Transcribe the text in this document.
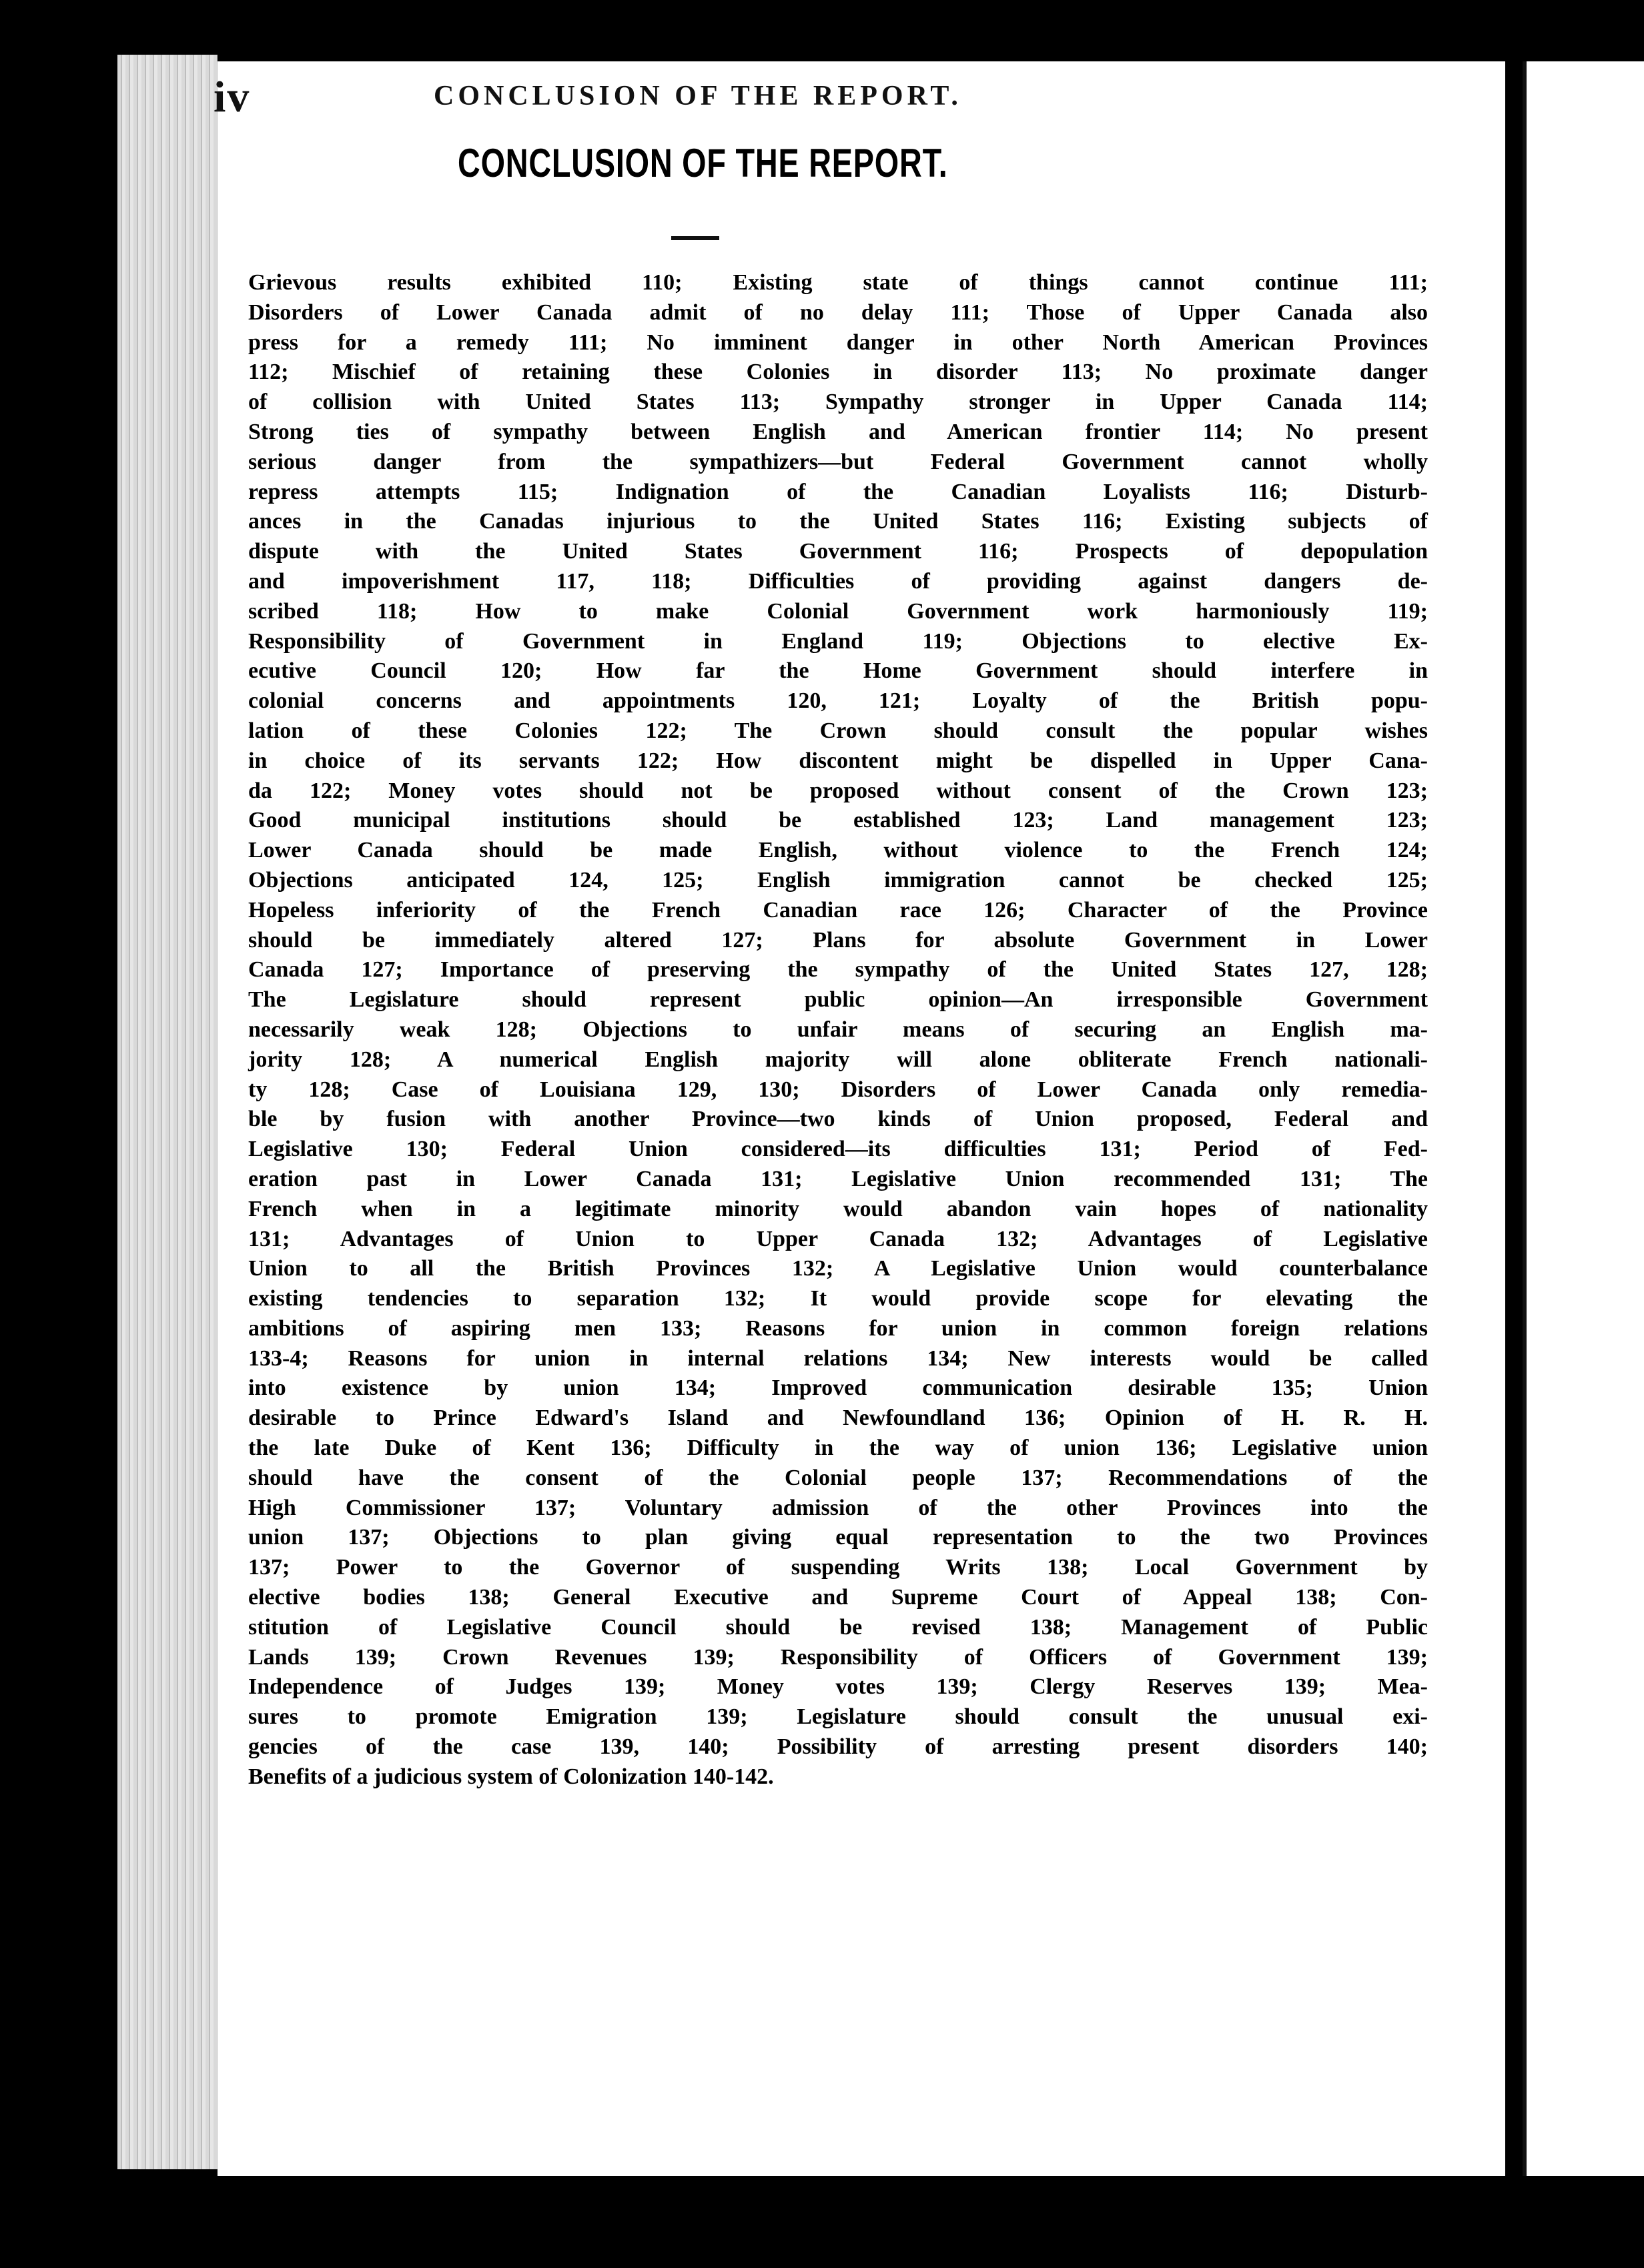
iv	CONCLUSION OF THE REPORT.
CONCLUSION OF THE REPORT.
Grievous results exhibited 110; Existing state of things cannot continue 111;
Disorders of Lower Canada admit of no delay 111; Those of Upper Canada also
press for a remedy 111; No imminent danger in other North American Provinces
112; Mischief of retaining these Colonies in disorder 113; No proximate danger
of collision with United States 113; Sympathy stronger in Upper Canada 114;
Strong ties of sympathy between English and American frontier 114; No present
serious danger from the sympathizers—but Federal Government cannot wholly
repress attempts 115; Indignation of the Canadian Loyalists 116; Disturb-
ances in the Canadas injurious to the United States 116; Existing subjects of
dispute with the United States Government 116; Prospects of depopulation
and impoverishment 117, 118; Difficulties of providing against dangers de-
scribed 118; How to make Colonial Government work harmoniously 119;
Responsibility of Government in England 119; Objections to elective Ex-
ecutive Council 120; How far the Home Government should interfere in
colonial concerns and appointments 120, 121; Loyalty of the British popu-
lation of these Colonies 122; The Crown should consult the popular wishes
in choice of its servants 122; How discontent might be dispelled in Upper Cana-
da 122; Money votes should not be proposed without consent of the Crown 123;
Good municipal institutions should be established 123; Land management 123;
Lower Canada should be made English, without violence to the French 124;
Objections anticipated 124, 125; English immigration cannot be checked 125;
Hopeless inferiority of the French Canadian race 126; Character of the Province
should be immediately altered 127; Plans for absolute Government in Lower
Canada 127; Importance of preserving the sympathy of the United States 127, 128;
The Legislature should represent public opinion—An irresponsible Government
necessarily weak 128; Objections to unfair means of securing an English ma-
jority 128; A numerical English majority will alone obliterate French nationali-
ty 128; Case of Louisiana 129, 130; Disorders of Lower Canada only remedia-
ble by fusion with another Province—two kinds of Union proposed, Federal and
Legislative 130; Federal Union considered—its difficulties 131; Period of Fed-
eration past in Lower Canada 131; Legislative Union recommended 131; The
French when in a legitimate minority would abandon vain hopes of nationality
131; Advantages of Union to Upper Canada 132; Advantages of Legislative
Union to all the British Provinces 132; A Legislative Union would counterbalance
existing tendencies to separation 132; It would provide scope for elevating the
ambitions of aspiring men 133; Reasons for union in common foreign relations
133-4; Reasons for union in internal relations 134; New interests would be called
into existence by union 134; Improved communication desirable 135; Union
desirable to Prince Edward's Island and Newfoundland 136; Opinion of H. R. H.
the late Duke of Kent 136; Difficulty in the way of union 136; Legislative union
should have the consent of the Colonial people 137; Recommendations of the
High Commissioner 137; Voluntary admission of the other Provinces into the
union 137; Objections to plan giving equal representation to the two Provinces
137; Power to the Governor of suspending Writs 138; Local Government by
elective bodies 138; General Executive and Supreme Court of Appeal 138; Con-
stitution of Legislative Council should be revised 138; Management of Public
Lands 139; Crown Revenues 139; Responsibility of Officers of Government 139;
Independence of Judges 139; Money votes 139; Clergy Reserves 139; Mea-
sures to promote Emigration 139; Legislature should consult the unusual exi-
gencies of the case 139, 140; Possibility of arresting present disorders 140;
Benefits of a judicious system of Colonization 140-142.
